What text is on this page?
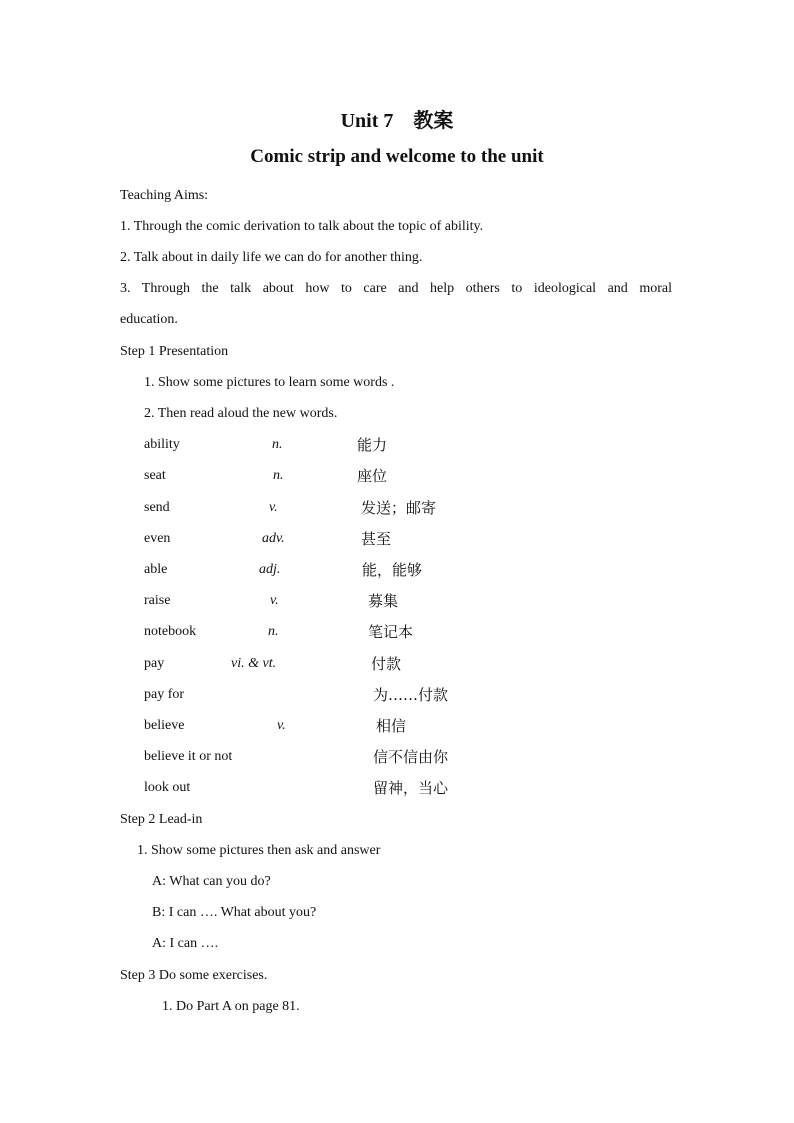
Unit 7　教案
Comic strip and welcome to the unit
Teaching Aims:
1. Through the comic derivation to talk about the topic of ability.
2. Talk about in daily life we can do for another thing.
3. Through the talk about how to care and help others to ideological and moral
education.
Step 1 Presentation
1. Show some pictures to learn some words .
2. Then read aloud the new words.
ability	n.	能力
seat	n.	座位
send	v.	发送；邮寄
even	adv.	甚至
able	adj.	能，能够
raise	v.	募集
notebook	n.	笔记本
pay	vi. & vt.	付款
pay for	为……付款
believe	v.	相信
believe it or not	信不信由你
look out	留神，当心
Step 2 Lead-in
1. Show some pictures then ask and answer
A: What can you do?
B: I can …. What about you?
A: I can ….
Step 3 Do some exercises.
1. Do Part A on page 81.
